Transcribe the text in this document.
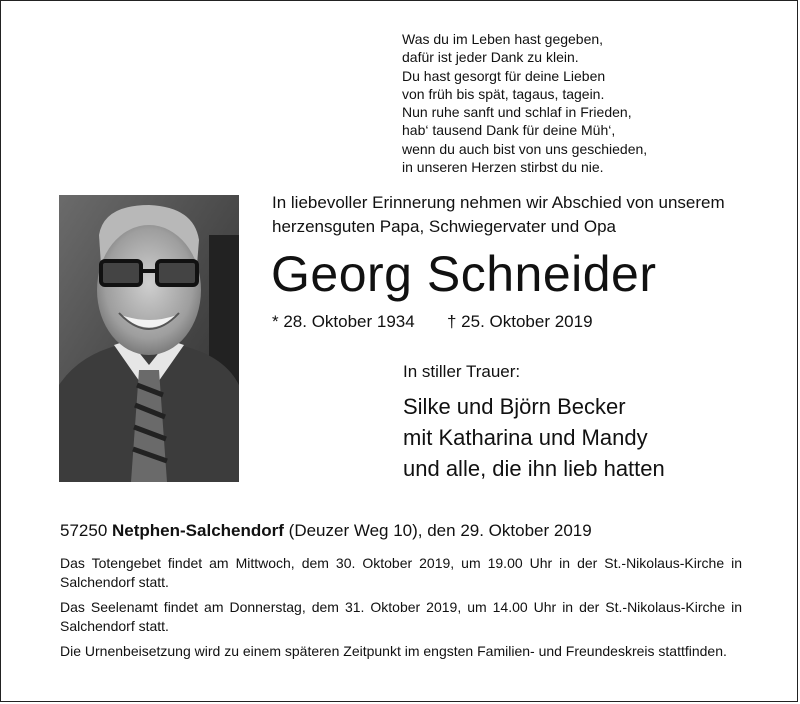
Was du im Leben hast gegeben,
dafür ist jeder Dank zu klein.
Du hast gesorgt für deine Lieben
von früh bis spät, tagaus, tagein.
Nun ruhe sanft und schlaf in Frieden,
hab‘ tausend Dank für deine Müh‘,
wenn du auch bist von uns geschieden,
in unseren Herzen stirbst du nie.
In liebevoller Erinnerung nehmen wir Abschied von unserem
herzensguten Papa, Schwiegervater und Opa
Georg Schneider
* 28. Oktober 1934 † 25. Oktober 2019
In stiller Trauer:
Silke und Björn Becker
mit Katharina und Mandy
und alle, die ihn lieb hatten
57250 Netphen-Salchendorf (Deuzer Weg 10), den 29. Oktober 2019

Das Totengebet findet am Mittwoch, dem 30. Oktober 2019, um 19.00 Uhr in der St.-Nikolaus-Kirche in Salchendorf statt.

Das Seelenamt findet am Donnerstag, dem 31. Oktober 2019, um 14.00 Uhr in der St.-Nikolaus-Kirche in Salchendorf statt.

Die Urnenbeisetzung wird zu einem späteren Zeitpunkt im engsten Familien- und Freundeskreis stattfinden.
